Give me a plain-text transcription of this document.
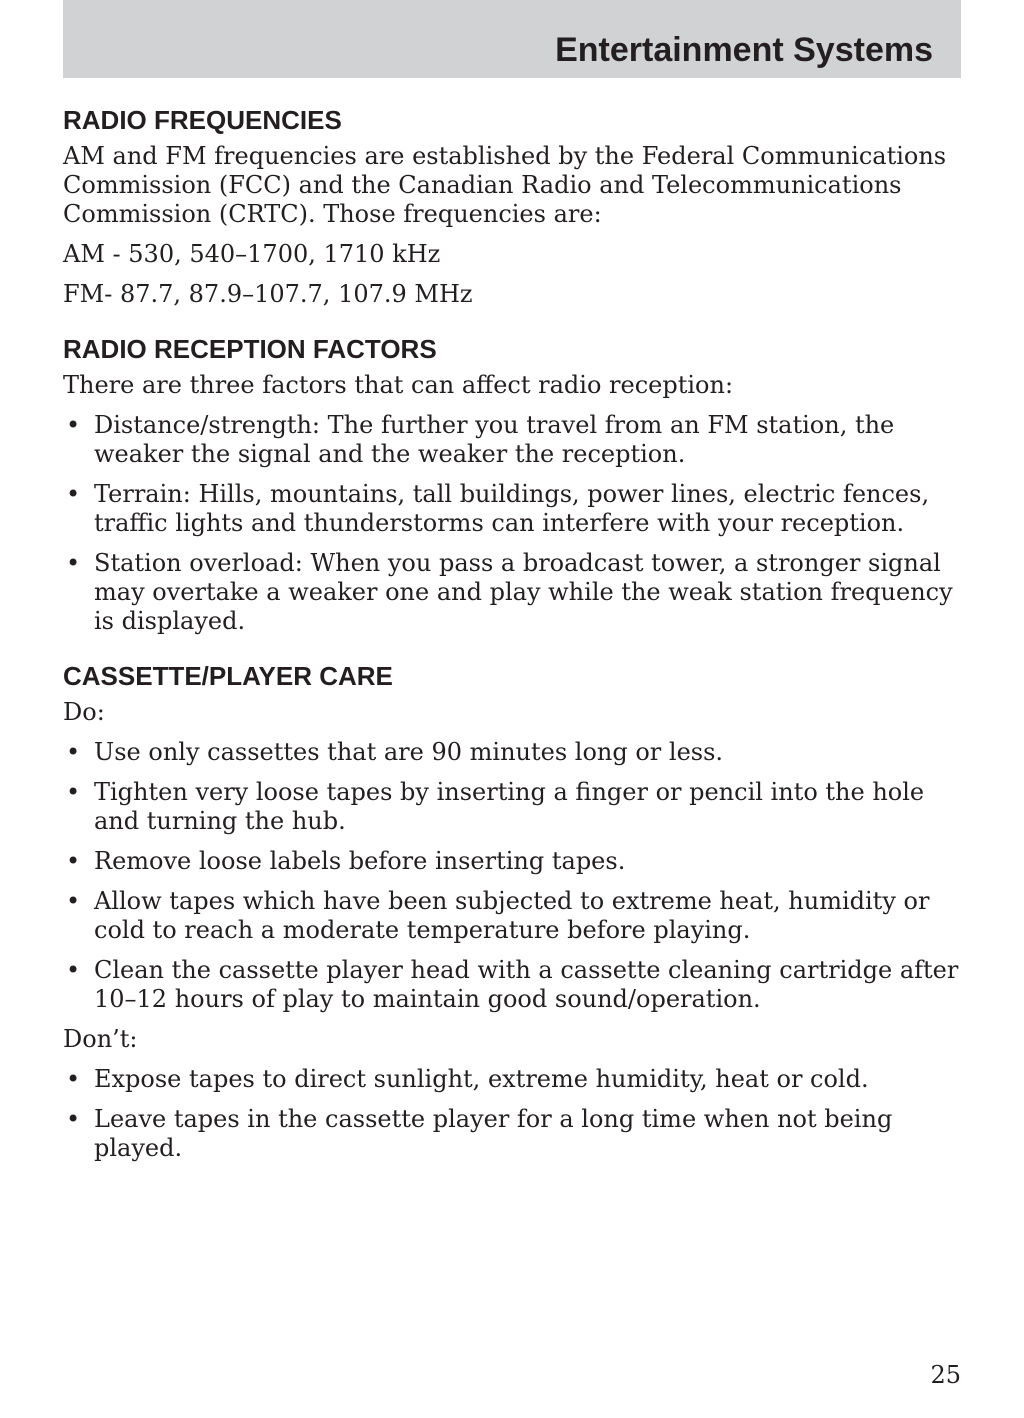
Entertainment Systems
RADIO FREQUENCIES

AM and FM frequencies are established by the Federal Communications Commission (FCC) and the Canadian Radio and Telecommunications Commission (CRTC). Those frequencies are:

AM - 530, 540–1700, 1710 kHz

FM- 87.7, 87.9–107.7, 107.9 MHz

RADIO RECEPTION FACTORS

There are three factors that can affect radio reception:

• Distance/strength: The further you travel from an FM station, the weaker the signal and the weaker the reception.
• Terrain: Hills, mountains, tall buildings, power lines, electric fences, traffic lights and thunderstorms can interfere with your reception.
• Station overload: When you pass a broadcast tower, a stronger signal may overtake a weaker one and play while the weak station frequency is displayed.
CASSETTE/PLAYER CARE

Do:

• Use only cassettes that are 90 minutes long or less.
• Tighten very loose tapes by inserting a finger or pencil into the hole and turning the hub.
• Remove loose labels before inserting tapes.
• Allow tapes which have been subjected to extreme heat, humidity or cold to reach a moderate temperature before playing.
• Clean the cassette player head with a cassette cleaning cartridge after 10–12 hours of play to maintain good sound/operation.

Don’t:

• Expose tapes to direct sunlight, extreme humidity, heat or cold.
• Leave tapes in the cassette player for a long time when not being played.
25
